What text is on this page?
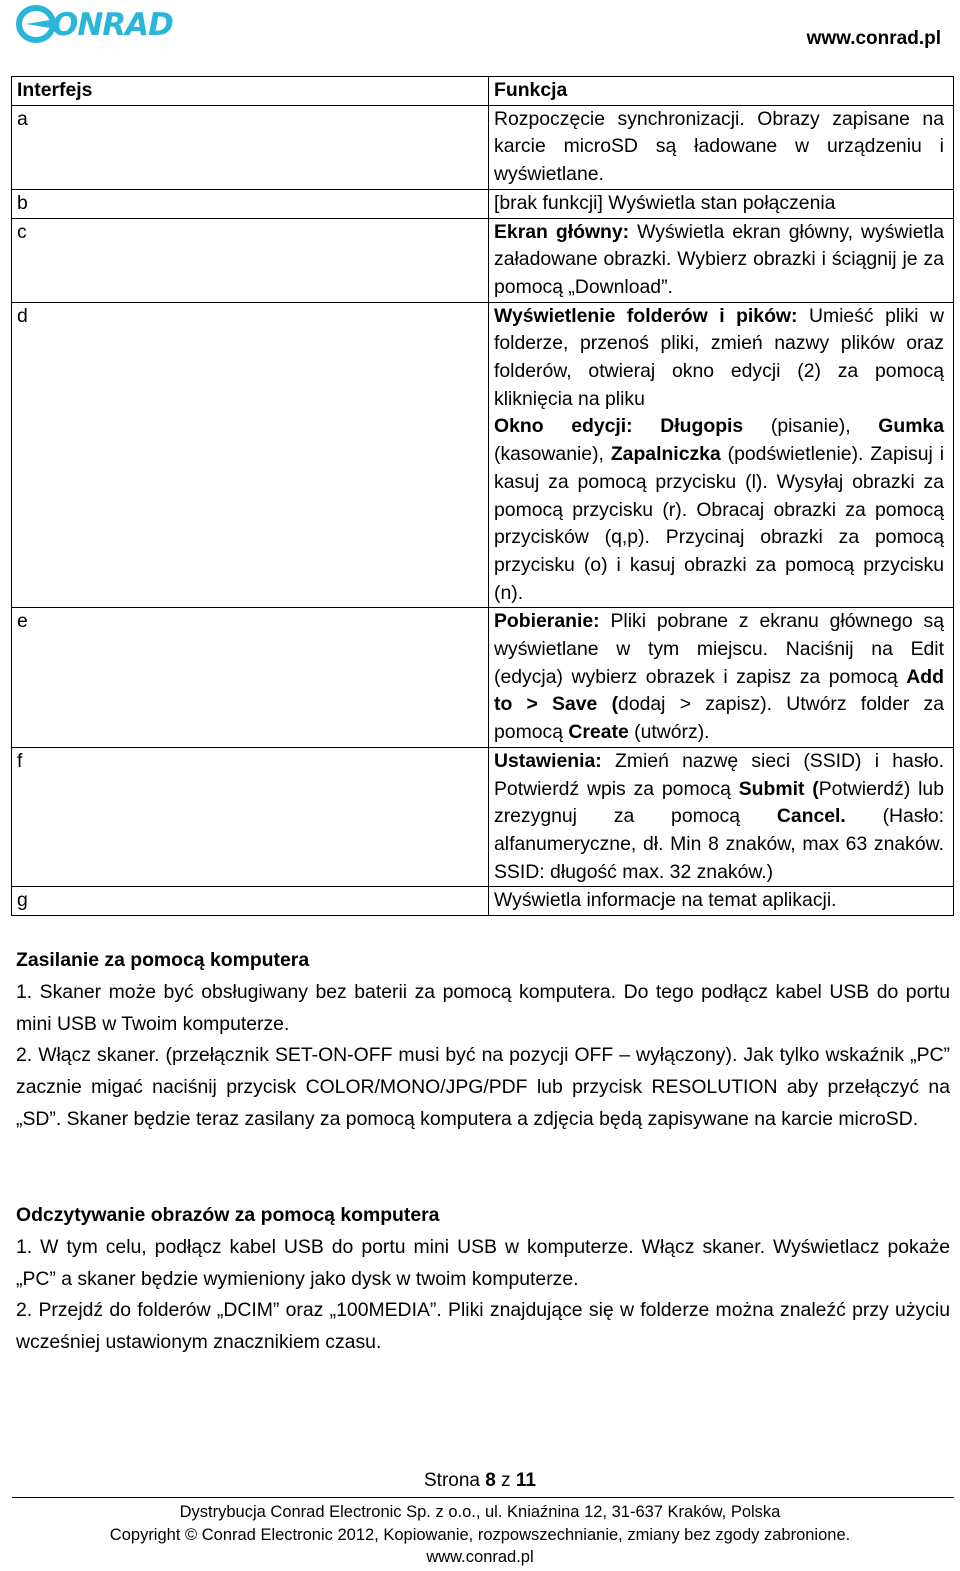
ONRAD	www.conrad.pl
Interfejs	Funkcja
a	Rozpoczęcie synchronizacji. Obrazy zapisane na karcie microSD są ładowane w urządzeniu i wyświetlane.
b	[brak funkcji] Wyświetla stan połączenia
c	Ekran główny: Wyświetla ekran główny, wyświetla załadowane obrazki. Wybierz obrazki i ściągnij je za pomocą „Download”.
d	Wyświetlenie folderów i pików: Umieść pliki w folderze, przenoś pliki, zmień nazwy plików oraz folderów, otwieraj okno edycji (2) za pomocą kliknięcia na pliku

Okno edycji: Długopis (pisanie), Gumka (kasowanie), Zapalniczka (podświetlenie). Zapisuj i kasuj za pomocą przycisku (l). Wysyłaj obrazki za pomocą przycisku (r). Obracaj obrazki za pomocą przycisków (q,p). Przycinaj obrazki za pomocą przycisku (o) i kasuj obrazki za pomocą przycisku (n).

e	Pobieranie: Pliki pobrane z ekranu głównego są wyświetlane w tym miejscu. Naciśnij na Edit (edycja) wybierz obrazek i zapisz za pomocą Add to > Save (dodaj > zapisz). Utwórz folder za pomocą Create (utwórz).
f	Ustawienia: Zmień nazwę sieci (SSID) i hasło. Potwierdź wpis za pomocą Submit (Potwierdź) lub zrezygnuj za pomocą Cancel. (Hasło: alfanumeryczne, dł. Min 8 znaków, max 63 znaków. SSID: długość max. 32 znaków.)
g	Wyświetla informacje na temat aplikacji.
Zasilanie za pomocą komputera

1. Skaner może być obsługiwany bez baterii za pomocą komputera. Do tego podłącz kabel USB do portu mini USB w Twoim komputerze.

2. Włącz skaner. (przełącznik SET-ON-OFF musi być na pozycji OFF – wyłączony). Jak tylko wskaźnik „PC” zacznie migać naciśnij przycisk COLOR/MONO/JPG/PDF lub przycisk RESOLUTION aby przełączyć na „SD”. Skaner będzie teraz zasilany za pomocą komputera a zdjęcia będą zapisywane na karcie microSD.

Odczytywanie obrazów za pomocą komputera

1. W tym celu, podłącz kabel USB do portu mini USB w komputerze. Włącz skaner. Wyświetlacz pokaże „PC” a skaner będzie wymieniony jako dysk w twoim komputerze.

2. Przejdź do folderów „DCIM” oraz „100MEDIA”. Pliki znajdujące się w folderze można znaleźć przy użyciu wcześniej ustawionym znacznikiem czasu.

Strona 8 z 11
Dystrybucja Conrad Electronic Sp. z o.o., ul. Kniaźnina 12, 31-637 Kraków, Polska
Copyright © Conrad Electronic 2012, Kopiowanie, rozpowszechnianie, zmiany bez zgody zabronione.
www.conrad.pl
